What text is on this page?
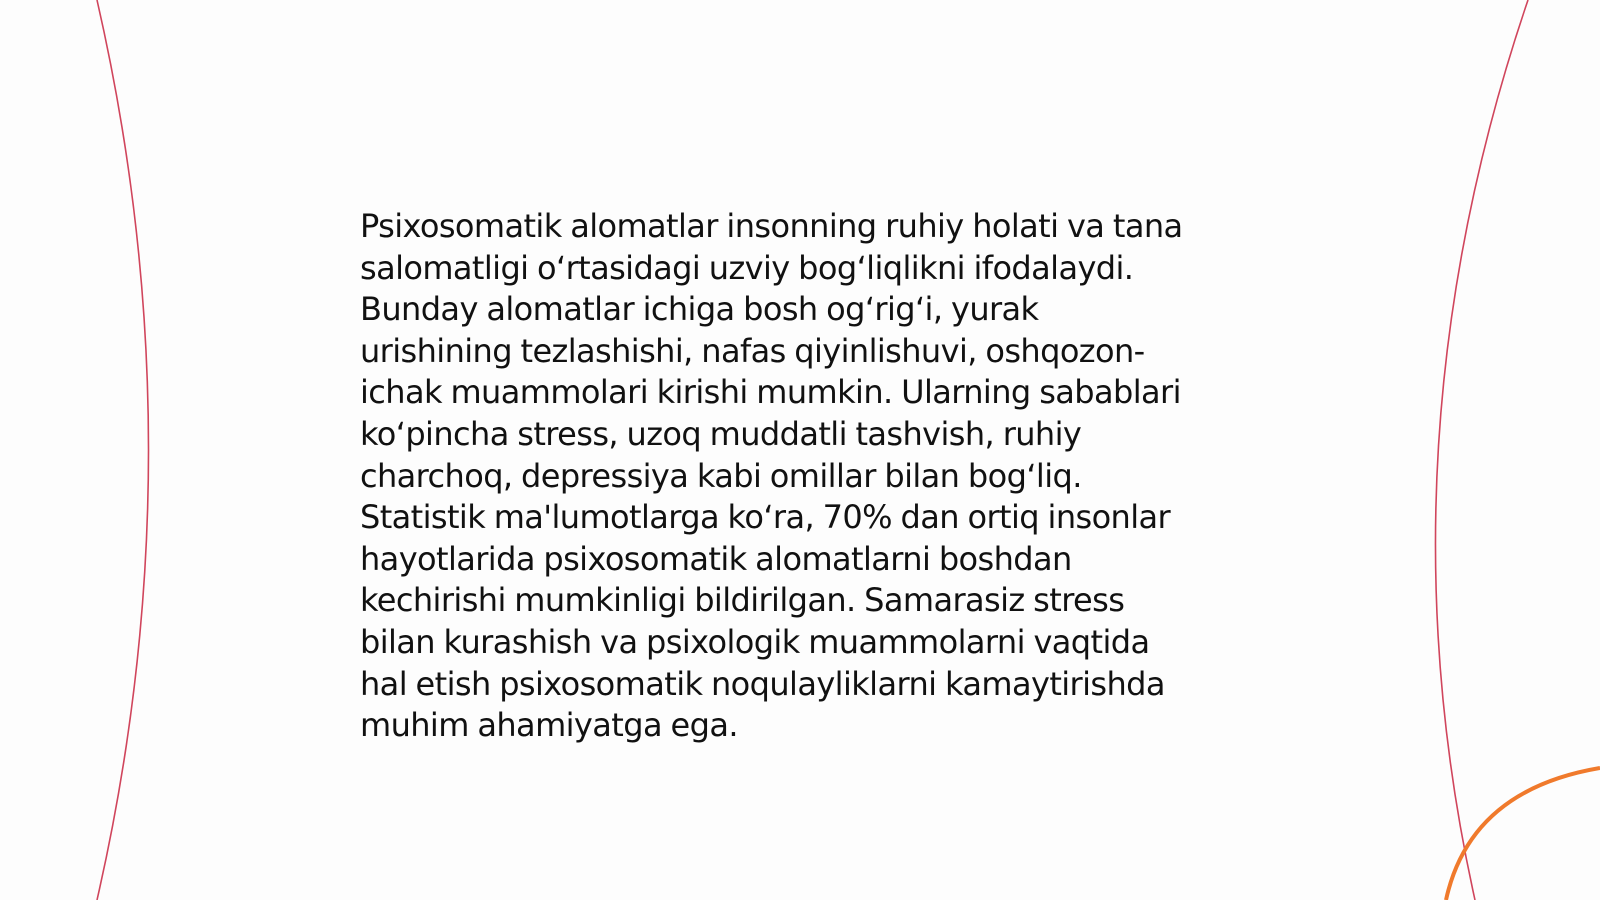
Psixosomatik alomatlar insonning ruhiy holati va tana
salomatligi o‘rtasidagi uzviy bog‘liqlikni ifodalaydi.
Bunday alomatlar ichiga bosh og‘rig‘i, yurak
urishining tezlashishi, nafas qiyinlishuvi, oshqozon-
ichak muammolari kirishi mumkin. Ularning sabablari
ko‘pincha stress, uzoq muddatli tashvish, ruhiy
charchoq, depressiya kabi omillar bilan bog‘liq.
Statistik ma'lumotlarga ko‘ra, 70% dan ortiq insonlar
hayotlarida psixosomatik alomatlarni boshdan
kechirishi mumkinligi bildirilgan. Samarasiz stress
bilan kurashish va psixologik muammolarni vaqtida
hal etish psixosomatik noqulayliklarni kamaytirishda
muhim ahamiyatga ega.
